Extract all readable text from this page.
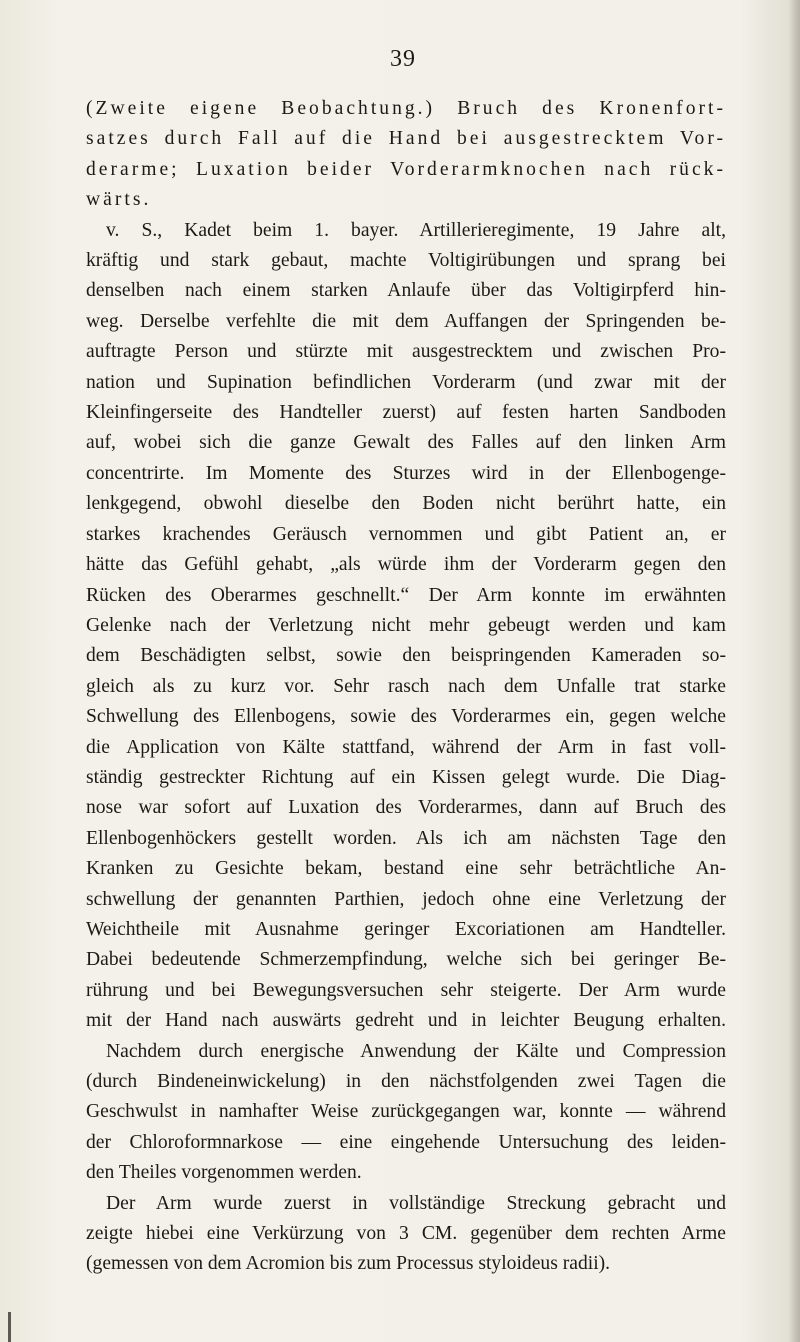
39
(Zweite eigene Beobachtung.) Bruch des Kronenfort-
satzes durch Fall auf die Hand bei ausgestrecktem Vor-
derarme; Luxation beider Vorderarmknochen nach rück-
wärts.
v. S., Kadet beim 1. bayer. Artillerieregimente, 19 Jahre alt,
kräftig und stark gebaut, machte Voltigirübungen und sprang bei
denselben nach einem starken Anlaufe über das Voltigirpferd hin-
weg. Derselbe verfehlte die mit dem Auffangen der Springenden be-
auftragte Person und stürzte mit ausgestrecktem und zwischen Pro-
nation und Supination befindlichen Vorderarm (und zwar mit der
Kleinfingerseite des Handteller zuerst) auf festen harten Sandboden
auf, wobei sich die ganze Gewalt des Falles auf den linken Arm
concentrirte. Im Momente des Sturzes wird in der Ellenbogenge-
lenkgegend, obwohl dieselbe den Boden nicht berührt hatte, ein
starkes krachendes Geräusch vernommen und gibt Patient an, er
hätte das Gefühl gehabt, „als würde ihm der Vorderarm gegen den
Rücken des Oberarmes geschnellt.“ Der Arm konnte im erwähnten
Gelenke nach der Verletzung nicht mehr gebeugt werden und kam
dem Beschädigten selbst, sowie den beispringenden Kameraden so-
gleich als zu kurz vor. Sehr rasch nach dem Unfalle trat starke
Schwellung des Ellenbogens, sowie des Vorderarmes ein, gegen welche
die Application von Kälte stattfand, während der Arm in fast voll-
ständig gestreckter Richtung auf ein Kissen gelegt wurde. Die Diag-
nose war sofort auf Luxation des Vorderarmes, dann auf Bruch des
Ellenbogenhöckers gestellt worden. Als ich am nächsten Tage den
Kranken zu Gesichte bekam, bestand eine sehr beträchtliche An-
schwellung der genannten Parthien, jedoch ohne eine Verletzung der
Weichtheile mit Ausnahme geringer Excoriationen am Handteller.
Dabei bedeutende Schmerzempfindung, welche sich bei geringer Be-
rührung und bei Bewegungsversuchen sehr steigerte. Der Arm wurde
mit der Hand nach auswärts gedreht und in leichter Beugung erhalten.
Nachdem durch energische Anwendung der Kälte und Compression
(durch Bindeneinwickelung) in den nächstfolgenden zwei Tagen die
Geschwulst in namhafter Weise zurückgegangen war, konnte — während
der Chloroformnarkose — eine eingehende Untersuchung des leiden-
den Theiles vorgenommen werden.
Der Arm wurde zuerst in vollständige Streckung gebracht und
zeigte hiebei eine Verkürzung von 3 CM. gegenüber dem rechten Arme
(gemessen von dem Acromion bis zum Processus styloideus radii).
